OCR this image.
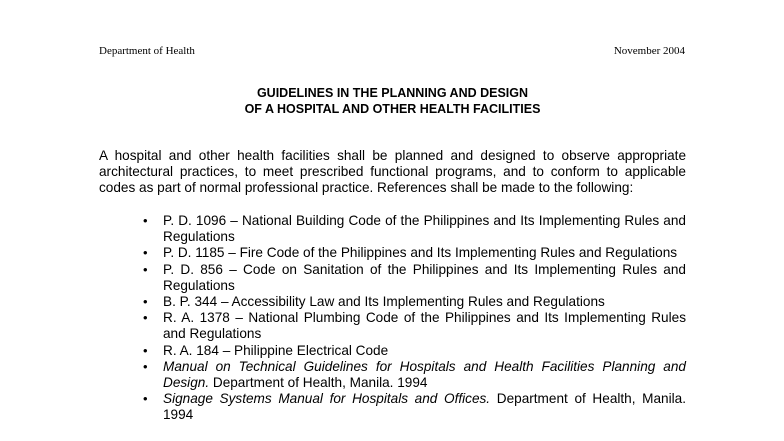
Department of Health	November 2004
GUIDELINES IN THE PLANNING AND DESIGN
OF A HOSPITAL AND OTHER HEALTH FACILITIES

A hospital and other health facilities shall be planned and designed to observe appropriate architectural practices, to meet prescribed functional programs, and to conform to applicable codes as part of normal professional practice. References shall be made to the following:

• P. D. 1096 – National Building Code of the Philippines and Its Implementing Rules and Regulations
• P. D. 1185 – Fire Code of the Philippines and Its Implementing Rules and Regulations
• P. D. 856 – Code on Sanitation of the Philippines and Its Implementing Rules and Regulations
• B. P. 344 – Accessibility Law and Its Implementing Rules and Regulations
• R. A. 1378 – National Plumbing Code of the Philippines and Its Implementing Rules and Regulations
• R. A. 184 – Philippine Electrical Code
• Manual on Technical Guidelines for Hospitals and Health Facilities Planning and Design. Department of Health, Manila. 1994
• Signage Systems Manual for Hospitals and Offices. Department of Health, Manila. 1994
